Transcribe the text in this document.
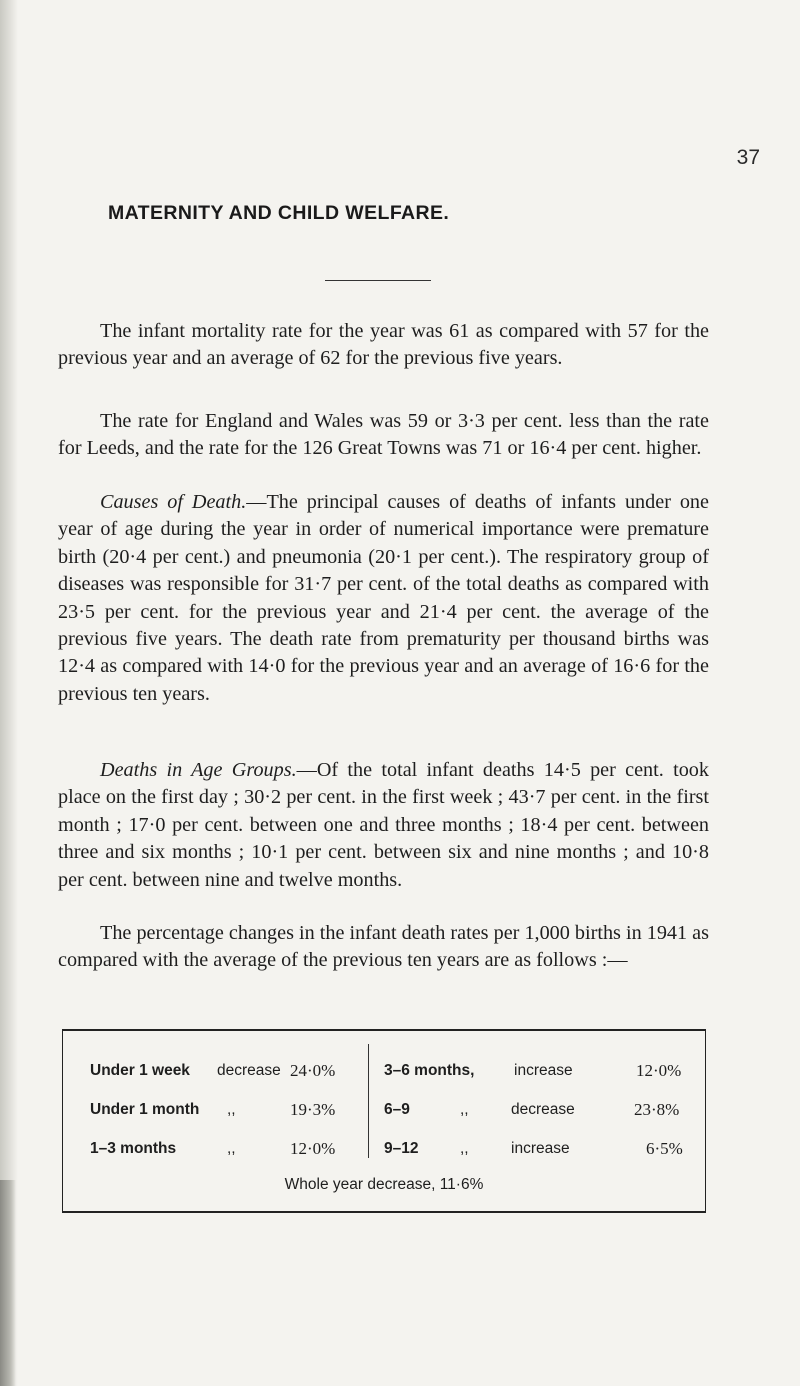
37
MATERNITY AND CHILD WELFARE.

The infant mortality rate for the year was 61 as compared with 57 for the previous year and an average of 62 for the previous five years.

The rate for England and Wales was 59 or 3·3 per cent. less than the rate for Leeds, and the rate for the 126 Great Towns was 71 or 16·4 per cent. higher.

Causes of Death.—The principal causes of deaths of infants under one year of age during the year in order of numerical importance were premature birth (20·4 per cent.) and pneumonia (20·1 per cent.). The respiratory group of diseases was responsible for 31·7 per cent. of the total deaths as compared with 23·5 per cent. for the previous year and 21·4 per cent. the average of the previous five years. The death rate from prematurity per thousand births was 12·4 as compared with 14·0 for the previous year and an average of 16·6 for the previous ten years.

Deaths in Age Groups.—Of the total infant deaths 14·5 per cent. took place on the first day ; 30·2 per cent. in the first week ; 43·7 per cent. in the first month ; 17·0 per cent. between one and three months ; 18·4 per cent. between three and six months ; 10·1 per cent. between six and nine months ; and 10·8 per cent. between nine and twelve months.

The percentage changes in the infant death rates per 1,000 births in 1941 as compared with the average of the previous ten years are as follows :—

Under 1 week decrease 24·0%
Under 1 month ,,	19·3%
1–3 months	,,	12·0%
3–6 months,	increase	12·0%
6–9	,,	decrease	23·8%
9–12	,,	increase	6·5%
Whole year decrease, 11·6%
